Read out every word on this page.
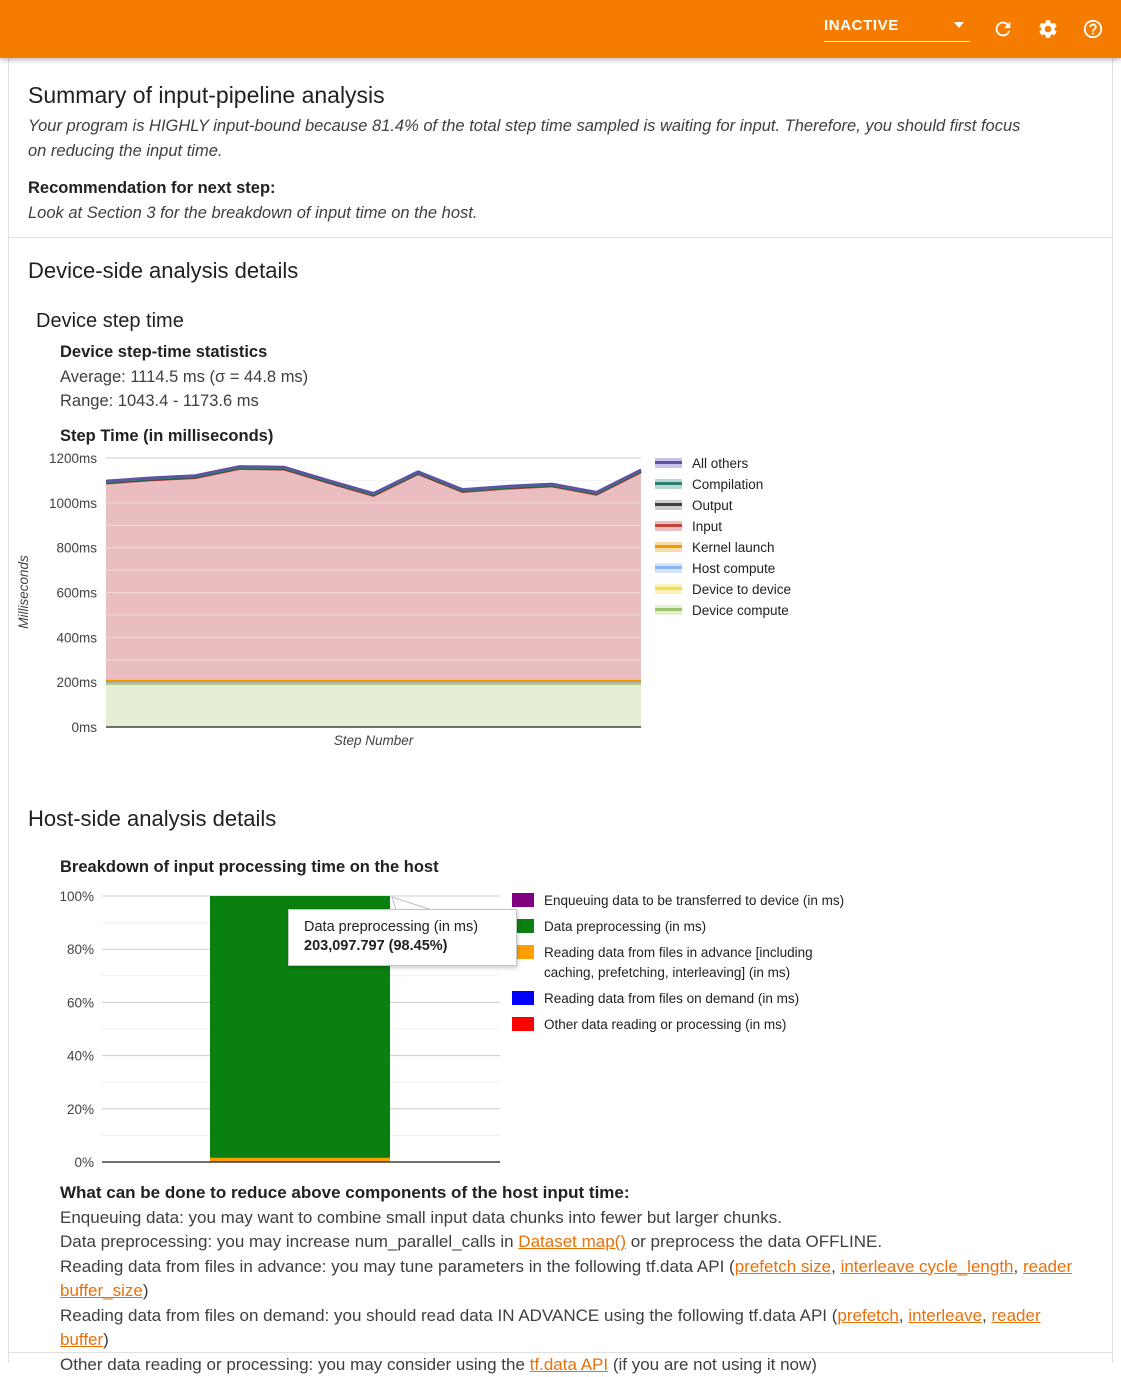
INACTIVE
Summary of input-pipeline analysis
Your program is HIGHLY input-bound because 81.4% of the total step time sampled is waiting for input. Therefore, you should first focus on reducing the input time.
Recommendation for next step:
Look at Section 3 for the breakdown of input time on the host.
Device-side analysis details
Device step time
Device step-time statistics
Average: 1114.5 ms (σ = 44.8 ms)
Range: 1043.4 - 1173.6 ms
Step Time (in milliseconds)
0ms
200ms
400ms
600ms
800ms
1000ms
1200ms
Step Number
Milliseconds
All others
Compilation
Output
Input
Kernel launch
Host compute
Device to device
Device compute
Host-side analysis details
Breakdown of input processing time on the host
0%
20%
40%
60%
80%
100%
Data preprocessing (in ms)
203,097.797 (98.45%)
Enqueuing data to be transferred to device (in ms)
Data preprocessing (in ms)
Reading data from files in advance [including caching, prefetching, interleaving] (in ms)
Reading data from files on demand (in ms)
Other data reading or processing (in ms)
What can be done to reduce above components of the host input time:
Enqueuing data: you may want to combine small input data chunks into fewer but larger chunks.
Data preprocessing: you may increase num_parallel_calls in Dataset map() or preprocess the data OFFLINE.
Reading data from files in advance: you may tune parameters in the following tf.data API (prefetch size, interleave cycle_length, reader buffer_size)
Reading data from files on demand: you should read data IN ADVANCE using the following tf.data API (prefetch, interleave, reader buffer)
Other data reading or processing: you may consider using the tf.data API (if you are not using it now)
